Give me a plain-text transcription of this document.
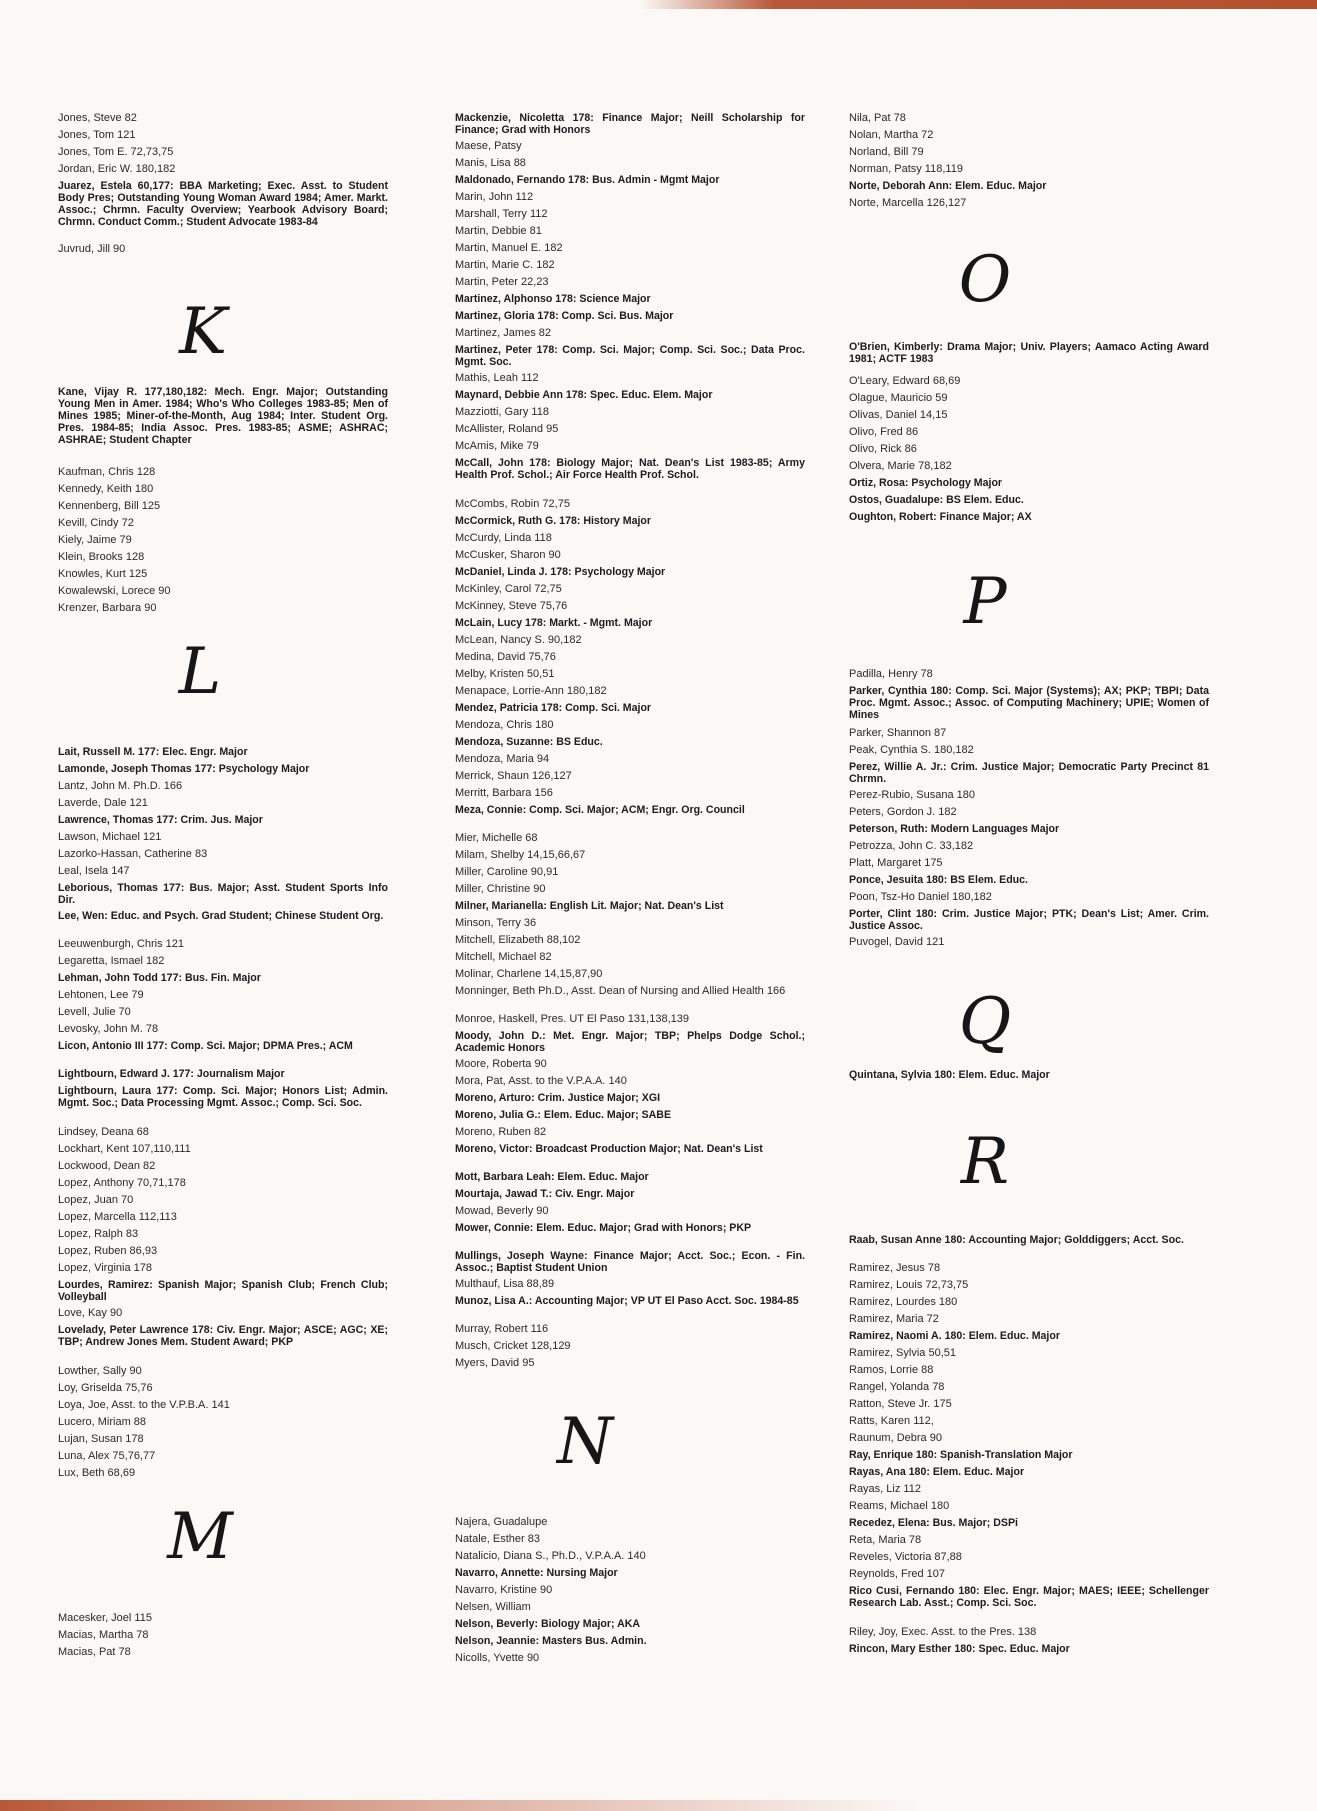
Jones, Steve 82
Jones, Tom 121
Jones, Tom E. 72,73,75
Jordan, Eric W. 180,182
Juarez, Estela 60,177: BBA Marketing; Exec. Asst. to Student Body Pres; Outstanding Young Woman Award 1984; Amer. Markt. Assoc.; Chrmn. Faculty Overview; Yearbook Advisory Board; Chrmn. Conduct Comm.; Student Advocate 1983-84
Juvrud, Jill 90
Kane, Vijay R. 177,180,182: Mech. Engr. Major; Outstanding Young Men in Amer. 1984; Who's Who Colleges 1983-85; Men of Mines 1985; Miner-of-the-Month, Aug 1984; Inter. Student Org. Pres. 1984-85; India Assoc. Pres. 1983-85; ASME; ASHRAC; ASHRAE; Student Chapter
Kaufman, Chris 128
Kennedy, Keith 180
Kennenberg, Bill 125
Kevill, Cindy 72
Kiely, Jaime 79
Klein, Brooks 128
Knowles, Kurt 125
Kowalewski, Lorece 90
Krenzer, Barbara 90
Lait, Russell M. 177: Elec. Engr. Major
Lamonde, Joseph Thomas 177: Psychology Major
Lantz, John M. Ph.D. 166
Laverde, Dale 121
Lawrence, Thomas 177: Crim. Jus. Major
Lawson, Michael 121
Lazorko-Hassan, Catherine 83
Leal, Isela 147
Leborious, Thomas 177: Bus. Major; Asst. Student Sports Info Dir.
Lee, Wen: Educ. and Psych. Grad Student; Chinese Student Org.
Leeuwenburgh, Chris 121
Legaretta, Ismael 182
Lehman, John Todd 177: Bus. Fin. Major
Lehtonen, Lee 79
Levell, Julie 70
Levosky, John M. 78
Licon, Antonio III 177: Comp. Sci. Major; DPMA Pres.; ACM
Lightbourn, Edward J. 177: Journalism Major
Lightbourn, Laura 177: Comp. Sci. Major; Honors List; Admin. Mgmt. Soc.; Data Processing Mgmt. Assoc.; Comp. Sci. Soc.
Lindsey, Deana 68
Lockhart, Kent 107,110,111
Lockwood, Dean 82
Lopez, Anthony 70,71,178
Lopez, Juan 70
Lopez, Marcella 112,113
Lopez, Ralph 83
Lopez, Ruben 86,93
Lopez, Virginia 178
Lourdes, Ramirez: Spanish Major; Spanish Club; French Club; Volleyball
Love, Kay 90
Lovelady, Peter Lawrence 178: Civ. Engr. Major; ASCE; AGC; XE; TBP; Andrew Jones Mem. Student Award; PKP
Lowther, Sally 90
Loy, Griselda 75,76
Loya, Joe, Asst. to the V.P.B.A. 141
Lucero, Miriam 88
Lujan, Susan 178
Luna, Alex 75,76,77
Lux, Beth 68,69
Macesker, Joel 115
Macias, Martha 78
Macias, Pat 78
Mackenzie, Nicoletta 178: Finance Major; Neill Scholarship for Finance; Grad with Honors
Maese, Patsy
Manis, Lisa 88
Maldonado, Fernando 178: Bus. Admin - Mgmt Major
Marin, John 112
Marshall, Terry 112
Martin, Debbie 81
Martin, Manuel E. 182
Martin, Marie C. 182
Martin, Peter 22,23
Martinez, Alphonso 178: Science Major
Martinez, Gloria 178: Comp. Sci. Bus. Major
Martinez, James 82
Martinez, Peter 178: Comp. Sci. Major; Comp. Sci. Soc.; Data Proc. Mgmt. Soc.
Mathis, Leah 112
Maynard, Debbie Ann 178: Spec. Educ. Elem. Major
Mazziotti, Gary 118
McAllister, Roland 95
McAmis, Mike 79
McCall, John 178: Biology Major; Nat. Dean's List 1983-85; Army Health Prof. Schol.; Air Force Health Prof. Schol.
McCombs, Robin 72,75
McCormick, Ruth G. 178: History Major
McCurdy, Linda 118
McCusker, Sharon 90
McDaniel, Linda J. 178: Psychology Major
McKinley, Carol 72,75
McKinney, Steve 75,76
McLain, Lucy 178: Markt. - Mgmt. Major
McLean, Nancy S. 90,182
Medina, David 75,76
Melby, Kristen 50,51
Menapace, Lorrie-Ann 180,182
Mendez, Patricia 178: Comp. Sci. Major
Mendoza, Chris 180
Mendoza, Suzanne: BS Educ.
Mendoza, Maria 94
Merrick, Shaun 126,127
Merritt, Barbara 156
Meza, Connie: Comp. Sci. Major; ACM; Engr. Org. Council
Mier, Michelle 68
Milam, Shelby 14,15,66,67
Miller, Caroline 90,91
Miller, Christine 90
Milner, Marianella: English Lit. Major; Nat. Dean's List
Minson, Terry 36
Mitchell, Elizabeth 88,102
Mitchell, Michael 82
Molinar, Charlene 14,15,87,90
Monninger, Beth Ph.D., Asst. Dean of Nursing and Allied Health 166
Monroe, Haskell, Pres. UT El Paso 131,138,139
Moody, John D.: Met. Engr. Major; TBP; Phelps Dodge Schol.; Academic Honors
Moore, Roberta 90
Mora, Pat, Asst. to the V.P.A.A. 140
Moreno, Arturo: Crim. Justice Major; XGI
Moreno, Julia G.: Elem. Educ. Major; SABE
Moreno, Ruben 82
Moreno, Victor: Broadcast Production Major; Nat. Dean's List
Mott, Barbara Leah: Elem. Educ. Major
Mourtaja, Jawad T.: Civ. Engr. Major
Mowad, Beverly 90
Mower, Connie: Elem. Educ. Major; Grad with Honors; PKP
Mullings, Joseph Wayne: Finance Major; Acct. Soc.; Econ. - Fin. Assoc.; Baptist Student Union
Multhauf, Lisa 88,89
Munoz, Lisa A.: Accounting Major; VP UT El Paso Acct. Soc. 1984-85
Murray, Robert 116
Musch, Cricket 128,129
Myers, David 95
Najera, Guadalupe
Natale, Esther 83
Natalicio, Diana S., Ph.D., V.P.A.A. 140
Navarro, Annette: Nursing Major
Navarro, Kristine 90
Nelsen, William
Nelson, Beverly: Biology Major; AKA
Nelson, Jeannie: Masters Bus. Admin.
Nicolls, Yvette 90
Nila, Pat 78
Nolan, Martha 72
Norland, Bill 79
Norman, Patsy 118,119
Norte, Deborah Ann: Elem. Educ. Major
Norte, Marcella 126,127
O'Brien, Kimberly: Drama Major; Univ. Players; Aamaco Acting Award 1981; ACTF 1983
O'Leary, Edward 68,69
Olague, Mauricio 59
Olivas, Daniel 14,15
Olivo, Fred 86
Olivo, Rick 86
Olvera, Marie 78,182
Ortiz, Rosa: Psychology Major
Ostos, Guadalupe: BS Elem. Educ.
Oughton, Robert: Finance Major; AX
Padilla, Henry 78
Parker, Cynthia 180: Comp. Sci. Major (Systems); AX; PKP; TBPI; Data Proc. Mgmt. Assoc.; Assoc. of Computing Machinery; UPIE; Women of Mines
Parker, Shannon 87
Peak, Cynthia S. 180,182
Perez, Willie A. Jr.: Crim. Justice Major; Democratic Party Precinct 81 Chrmn.
Perez-Rubio, Susana 180
Peters, Gordon J. 182
Peterson, Ruth: Modern Languages Major
Petrozza, John C. 33,182
Platt, Margaret 175
Ponce, Jesuita 180: BS Elem. Educ.
Poon, Tsz-Ho Daniel 180,182
Porter, Clint 180: Crim. Justice Major; PTK; Dean's List; Amer. Crim. Justice Assoc.
Puvogel, David 121
Quintana, Sylvia 180: Elem. Educ. Major
Raab, Susan Anne 180: Accounting Major; Golddiggers; Acct. Soc.
Ramirez, Jesus 78
Ramirez, Louis 72,73,75
Ramirez, Lourdes 180
Ramirez, Maria 72
Ramirez, Naomi A. 180: Elem. Educ. Major
Ramirez, Sylvia 50,51
Ramos, Lorrie 88
Rangel, Yolanda 78
Ratton, Steve Jr. 175
Ratts, Karen 112,
Raunum, Debra 90
Ray, Enrique 180: Spanish-Translation Major
Rayas, Ana 180: Elem. Educ. Major
Rayas, Liz 112
Reams, Michael 180
Recedez, Elena: Bus. Major; DSPi
Reta, Maria 78
Reveles, Victoria 87,88
Reynolds, Fred 107
Rico Cusi, Fernando 180: Elec. Engr. Major; MAES; IEEE; Schellenger Research Lab. Asst.; Comp. Sci. Soc.
Riley, Joy, Exec. Asst. to the Pres. 138
Rincon, Mary Esther 180: Spec. Educ. Major
K
L
M
N
O
P
Q
R
